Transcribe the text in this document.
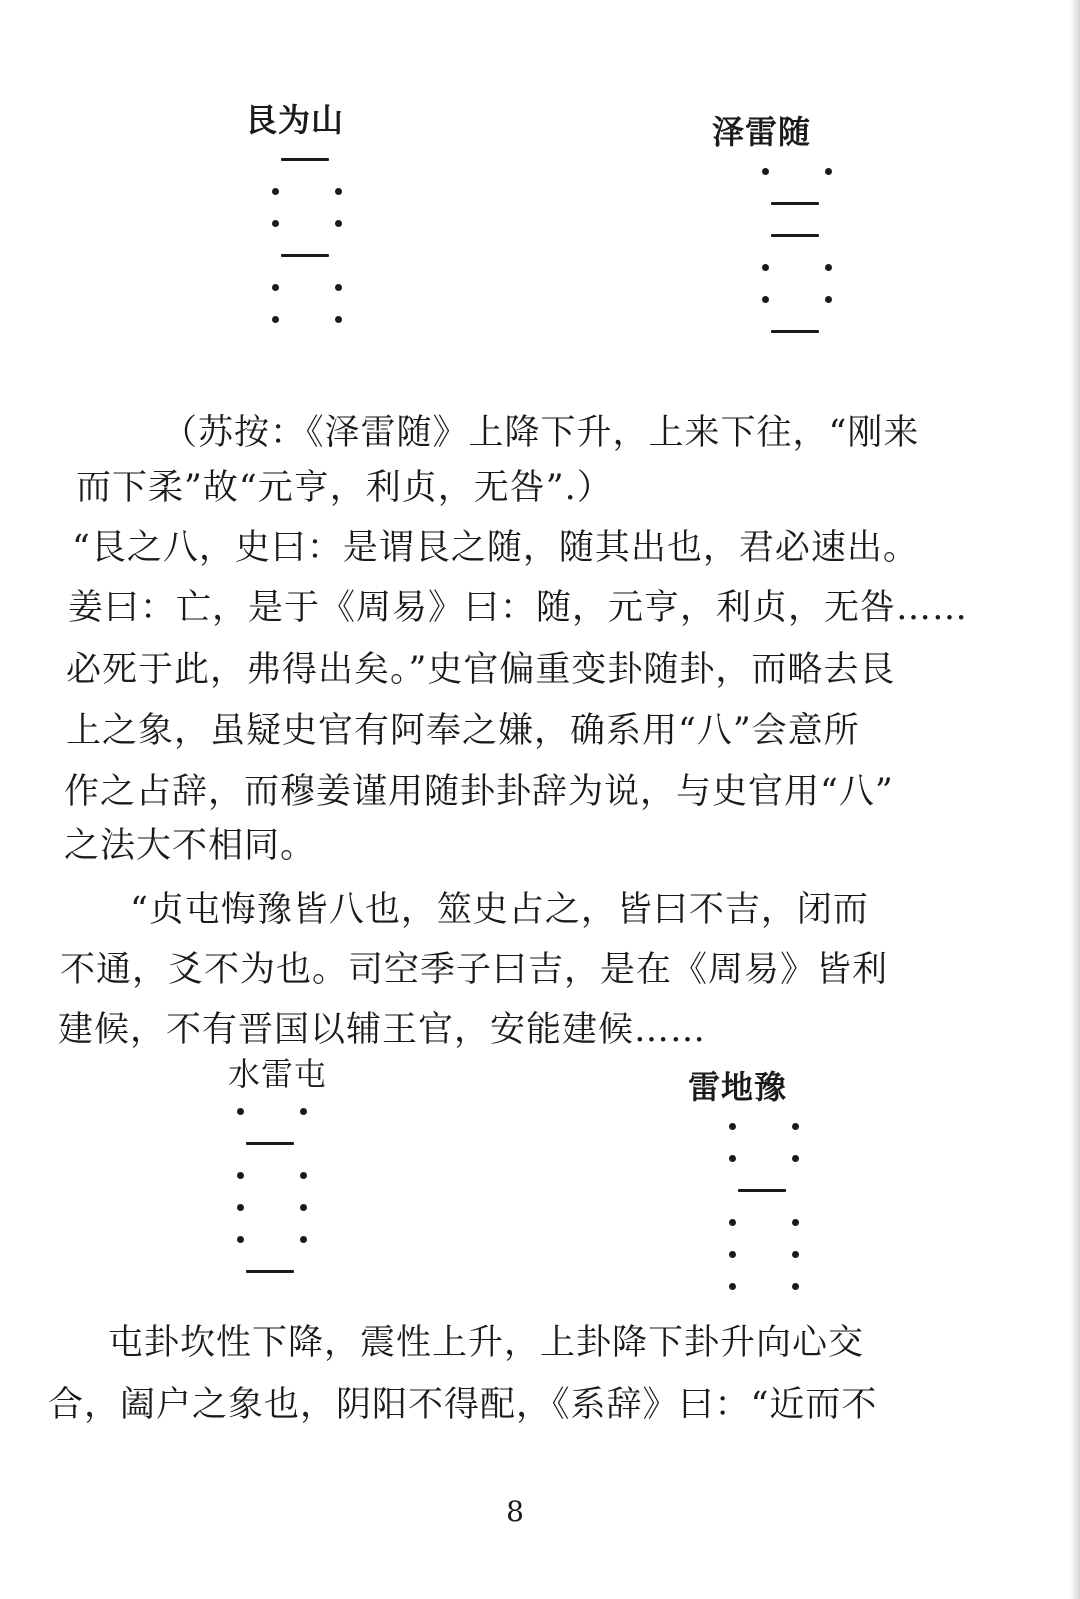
艮为山	泽雷随
水雷屯	雷地豫
（苏按：《泽雷随》上降下升，上来下往，“刚来
而下柔”故“元亨，利贞，无咎”.）
“艮之八，史曰：是谓艮之随，随其出也，君必速出。
姜曰：亡，是于《周易》曰：随，元亨，利贞，无咎……
必死于此，弗得出矣。”史官偏重变卦随卦，而略去艮
上之象，虽疑史官有阿奉之嫌，确系用“八”会意所
作之占辞，而穆姜谨用随卦卦辞为说，与史官用“八”
之法大不相同。
“贞屯悔豫皆八也，筮史占之，皆曰不吉，闭而
不通，爻不为也。司空季子曰吉，是在《周易》皆利
建候，不有晋国以辅王官，安能建候……
屯卦坎性下降，震性上升，上卦降下卦升向心交
合，阖户之象也，阴阳不得配，《系辞》曰：“近而不
8
